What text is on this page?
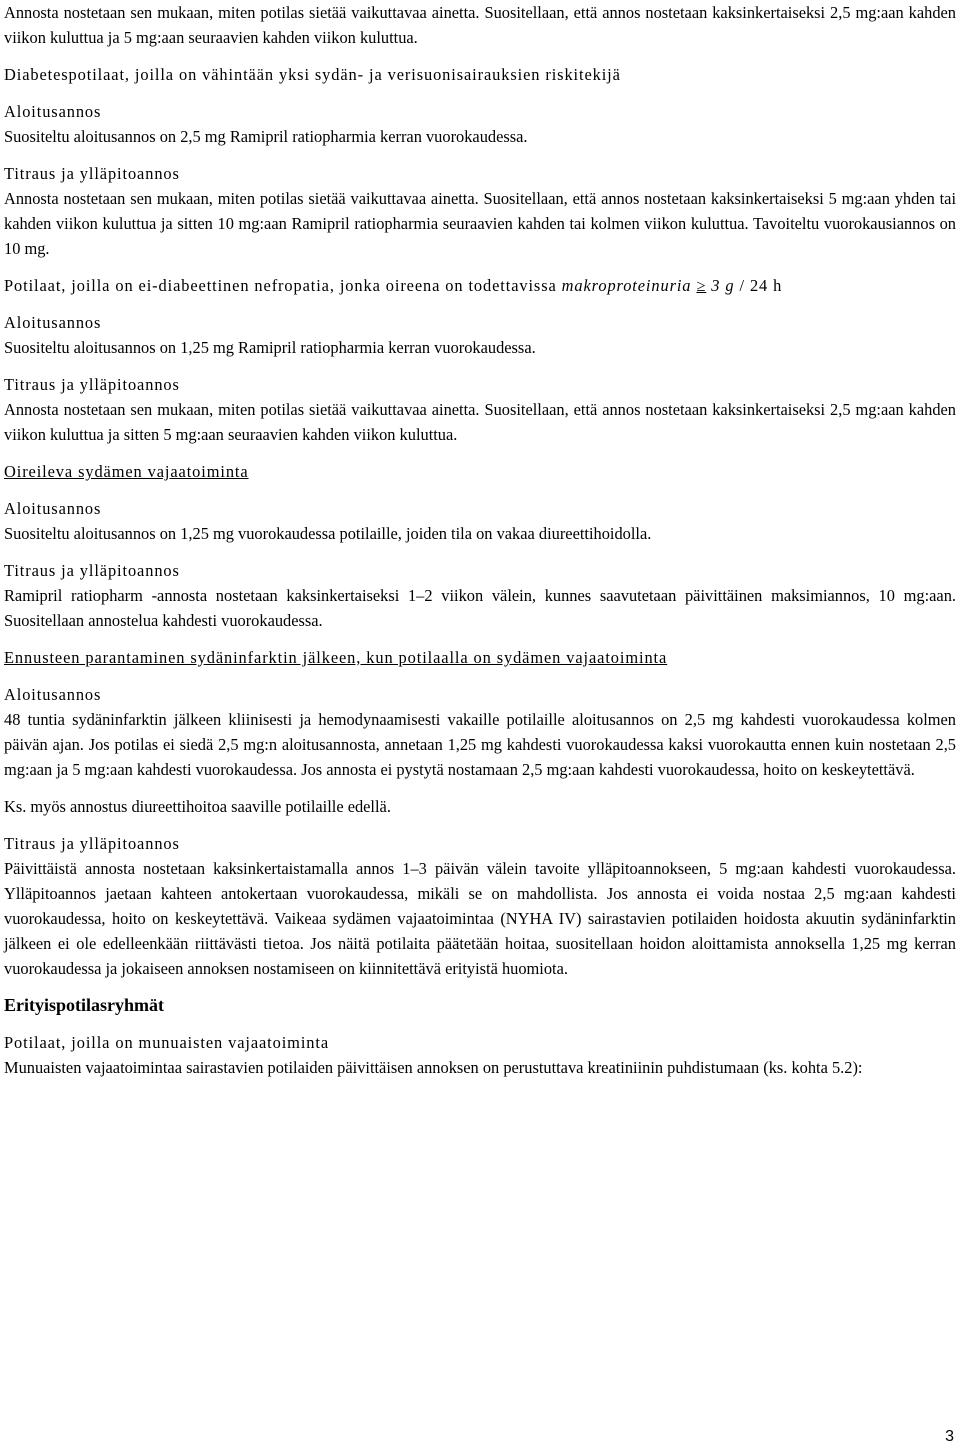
Annosta nostetaan sen mukaan, miten potilas sietää vaikuttavaa ainetta. Suositellaan, että annos nostetaan kaksinkertaiseksi 2,5 mg:aan kahden viikon kuluttua ja 5 mg:aan seuraavien kahden viikon kuluttua.

Diabetespotilaat, joilla on vähintään yksi sydän- ja verisuonisairauksien riskitekijä

Aloitusannos

Suositeltu aloitusannos on 2,5 mg Ramipril ratiopharmia kerran vuorokaudessa.

Titraus ja ylläpitoannos

Annosta nostetaan sen mukaan, miten potilas sietää vaikuttavaa ainetta. Suositellaan, että annos nostetaan kaksinkertaiseksi 5 mg:aan yhden tai kahden viikon kuluttua ja sitten 10 mg:aan Ramipril ratiopharmia seuraavien kahden tai kolmen viikon kuluttua. Tavoiteltu vuorokausiannos on 10 mg.

Potilaat, joilla on ei-diabeettinen nefropatia, jonka oireena on todettavissa makroproteinuria ≥ 3 g / 24 h

Aloitusannos

Suositeltu aloitusannos on 1,25 mg Ramipril ratiopharmia kerran vuorokaudessa.

Titraus ja ylläpitoannos

Annosta nostetaan sen mukaan, miten potilas sietää vaikuttavaa ainetta. Suositellaan, että annos nostetaan kaksinkertaiseksi 2,5 mg:aan kahden viikon kuluttua ja sitten 5 mg:aan seuraavien kahden viikon kuluttua.

Oireileva sydämen vajaatoiminta

Aloitusannos

Suositeltu aloitusannos on 1,25 mg vuorokaudessa potilaille, joiden tila on vakaa diureettihoidolla.

Titraus ja ylläpitoannos

Ramipril ratiopharm -annosta nostetaan kaksinkertaiseksi 1–2 viikon välein, kunnes saavutetaan päivittäinen maksimiannos, 10 mg:aan. Suositellaan annostelua kahdesti vuorokaudessa.

Ennusteen parantaminen sydäninfarktin jälkeen, kun potilaalla on sydämen vajaatoiminta

Aloitusannos

48 tuntia sydäninfarktin jälkeen kliinisesti ja hemodynaamisesti vakaille potilaille aloitusannos on 2,5 mg kahdesti vuorokaudessa kolmen päivän ajan. Jos potilas ei siedä 2,5 mg:n aloitusannosta, annetaan 1,25 mg kahdesti vuorokaudessa kaksi vuorokautta ennen kuin nostetaan 2,5 mg:aan ja 5 mg:aan kahdesti vuorokaudessa. Jos annosta ei pystytä nostamaan 2,5 mg:aan kahdesti vuorokaudessa, hoito on keskeytettävä.

Ks. myös annostus diureettihoitoa saaville potilaille edellä.

Titraus ja ylläpitoannos

Päivittäistä annosta nostetaan kaksinkertaistamalla annos 1–3 päivän välein tavoite ylläpitoannokseen, 5 mg:aan kahdesti vuorokaudessa. Ylläpitoannos jaetaan kahteen antokertaan vuorokaudessa, mikäli se on mahdollista. Jos annosta ei voida nostaa 2,5 mg:aan kahdesti vuorokaudessa, hoito on keskeytettävä. Vaikeaa sydämen vajaatoimintaa (NYHA IV) sairastavien potilaiden hoidosta akuutin sydäninfarktin jälkeen ei ole edelleenkään riittävästi tietoa. Jos näitä potilaita päätetään hoitaa, suositellaan hoidon aloittamista annoksella 1,25 mg kerran vuorokaudessa ja jokaiseen annoksen nostamiseen on kiinnitettävä erityistä huomiota.

Erityispotilasryhmät

Potilaat, joilla on munuaisten vajaatoiminta

Munuaisten vajaatoimintaa sairastavien potilaiden päivittäisen annoksen on perustuttava kreatiniinin puhdistumaan (ks. kohta 5.2):

3
